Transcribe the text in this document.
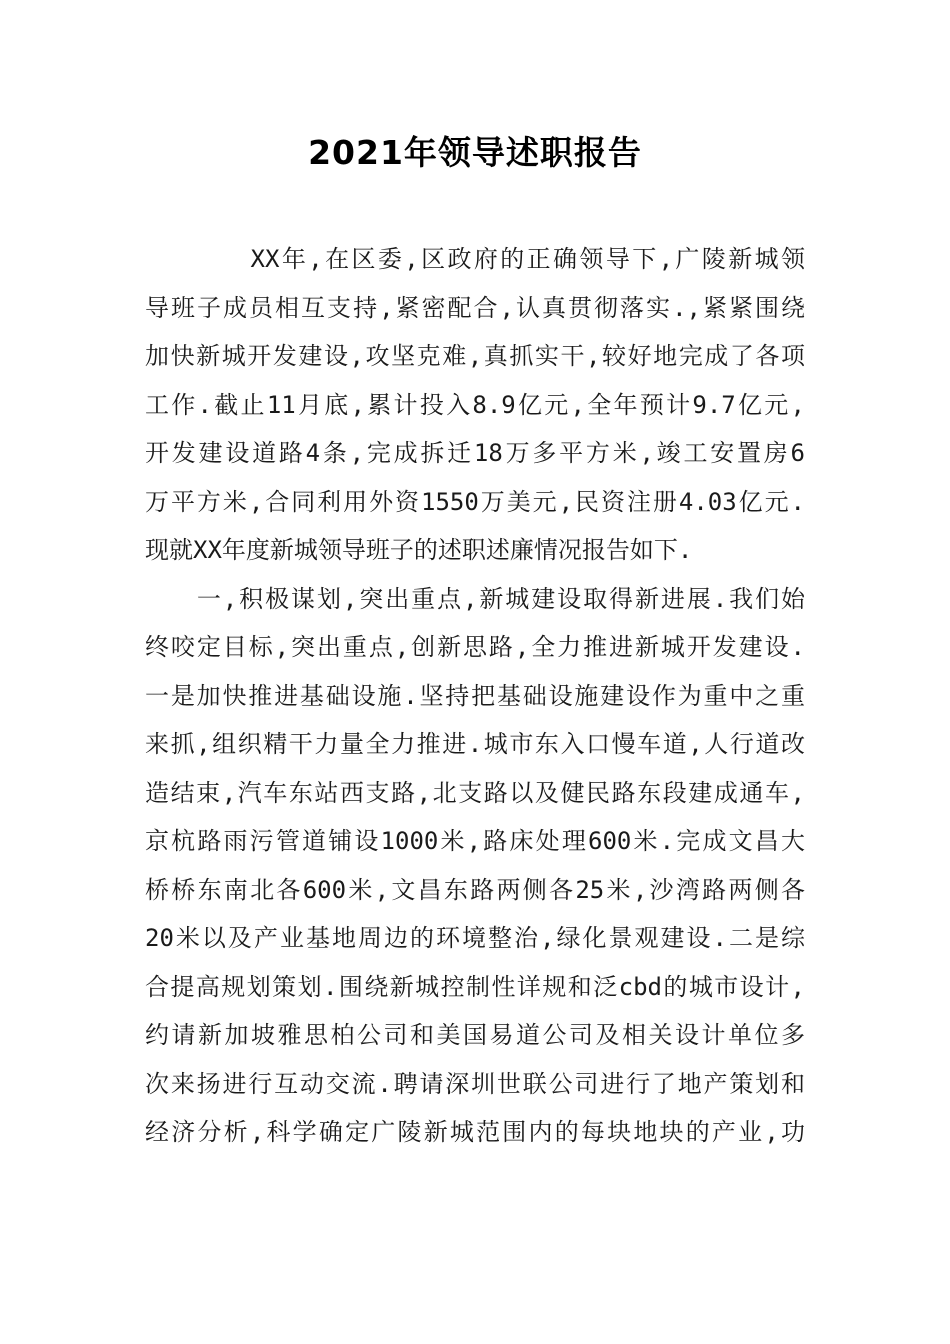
2021年领导述职报告
　　　　XX年,在区委,区政府的正确领导下,广陵新城领
导班子成员相互支持,紧密配合,认真贯彻落实.,紧紧围绕
加快新城开发建设,攻坚克难,真抓实干,较好地完成了各项
工作.截止11月底,累计投入8.9亿元,全年预计9.7亿元,
开发建设道路4条,完成拆迁18万多平方米,竣工安置房6
万平方米,合同利用外资1550万美元,民资注册4.03亿元.
现就XX年度新城领导班子的述职述廉情况报告如下.
　　一,积极谋划,突出重点,新城建设取得新进展.我们始
终咬定目标,突出重点,创新思路,全力推进新城开发建设.
一是加快推进基础设施.坚持把基础设施建设作为重中之重
来抓,组织精干力量全力推进.城市东入口慢车道,人行道改
造结束,汽车东站西支路,北支路以及健民路东段建成通车,
京杭路雨污管道铺设1000米,路床处理600米.完成文昌大
桥桥东南北各600米,文昌东路两侧各25米,沙湾路两侧各
20米以及产业基地周边的环境整治,绿化景观建设.二是综
合提高规划策划.围绕新城控制性详规和泛cbd的城市设计,
约请新加坡雅思柏公司和美国易道公司及相关设计单位多
次来扬进行互动交流.聘请深圳世联公司进行了地产策划和
经济分析,科学确定广陵新城范围内的每块地块的产业,功
